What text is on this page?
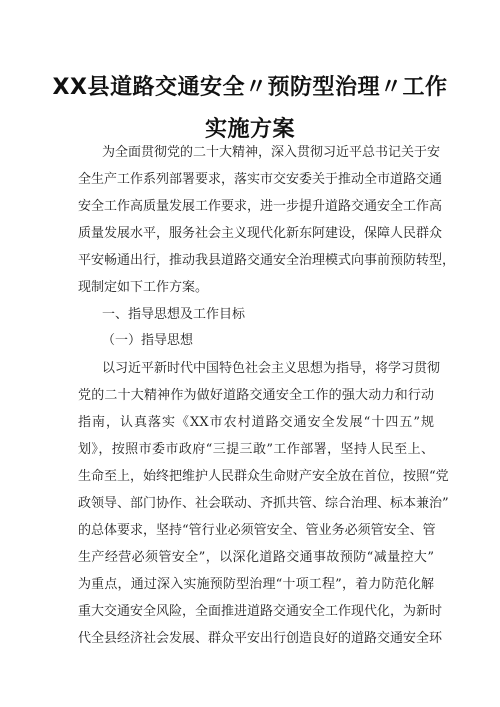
XX县道路交通安全〃预防型治理〃工作
实施方案
为全面贯彻党的二十大精神，深入贯彻习近平总书记关于安
全生产工作系列部署要求，落实市交安委关于推动全市道路交通
安全工作高质量发展工作要求，进一步提升道路交通安全工作高
质量发展水平，服务社会主义现代化新东阿建设，保障人民群众
平安畅通出行，推动我县道路交通安全治理模式向事前预防转型，
现制定如下工作方案。
一、指导思想及工作目标
（一）指导思想
以习近平新时代中国特色社会主义思想为指导，将学习贯彻
党的二十大精神作为做好道路交通安全工作的强大动力和行动
指南，认真落实《XX市农村道路交通安全发展“十四五”规
划》，按照市委市政府“三提三敢”工作部署，坚持人民至上、
生命至上，始终把维护人民群众生命财产安全放在首位，按照“党
政领导、部门协作、社会联动、齐抓共管、综合治理、标本兼治”
的总体要求，坚持“管行业必须管安全、管业务必须管安全、管
生产经营必须管安全”，以深化道路交通事故预防“减量控大”
为重点，通过深入实施预防型治理“十项工程”，着力防范化解
重大交通安全风险，全面推进道路交通安全工作现代化，为新时
代全县经济社会发展、群众平安出行创造良好的道路交通安全环
